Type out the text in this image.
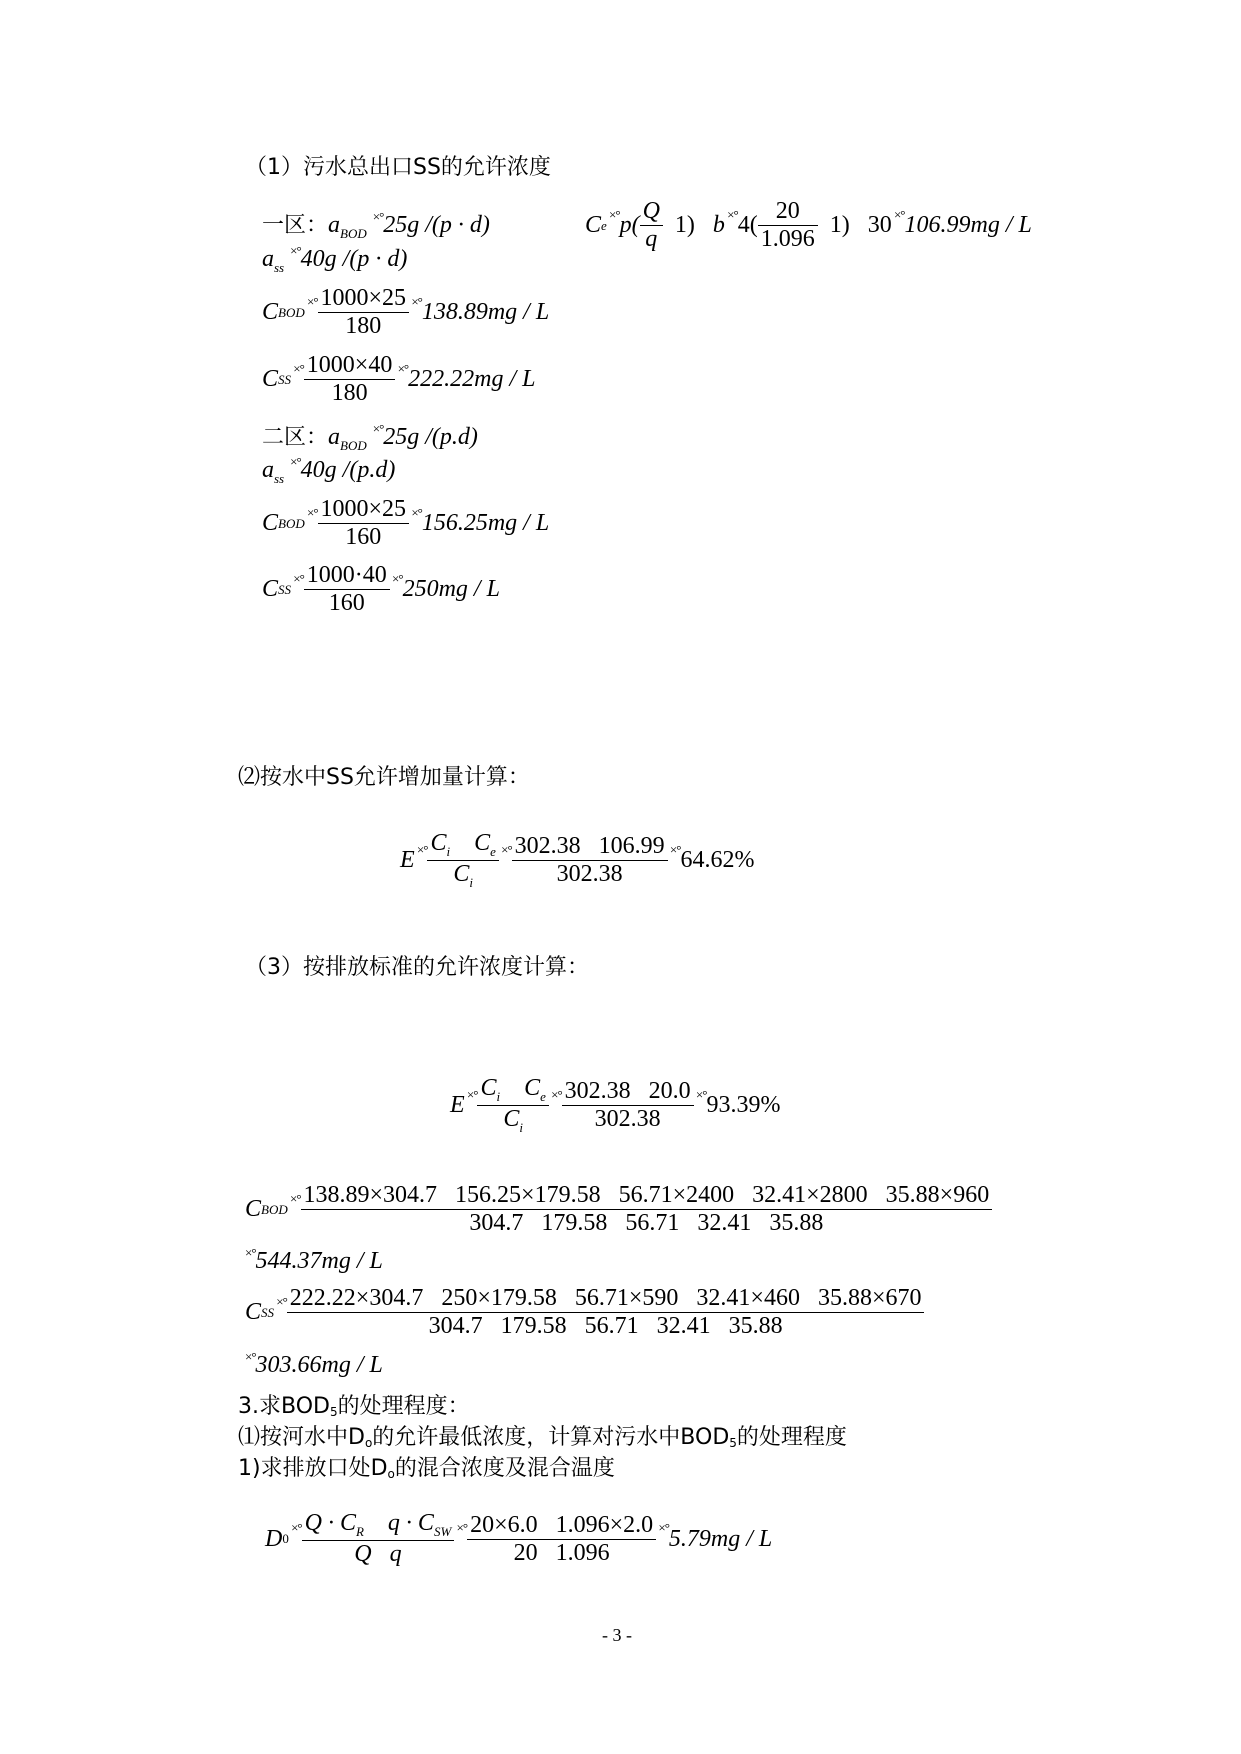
（1）污水总出口SS的允许浓度
一区：$a_{BOD}$ ×°25g /(p · d)
$a_{ss}$ ×°40g /(p · d)
C e
×° $p( \frac{Q}{q}$
1)
b ×° $4( \frac{20}{1.096}$
1)   30 ×° 106.99mg / L
C BOD
×° $\frac{1000\times 25}{180}$ ×° 138.89mg / L
C SS
×° $\frac{1000\times 40}{180}$ ×° 222.22mg / L
二区：$a_{BOD}$ ×°25g /(p.d)
$a_{ss}$ ×°40g /(p.d)
C BOD
×° $\frac{1000\times 25}{160}$ ×° 156.25mg / L
C SS
×° $\frac{1000\cdot 40}{160}$ ×° 250mg / L
⑵按水中SS允许增加量计算：
E ×° $\frac{C_i C_e}{C_i}$ ×° $\frac{302.38 106.99}{302.38}$ ×° 64.62%
（3）按排放标准的允许浓度计算：
E ×° $\frac{C_i C_e}{C_i}$ ×° $\frac{302.38 20.0}{302.38}$ ×° 93.39%
C BOD
×° 138.89×304.7   156.25×179.58   56.71×2400   32.41×2800   35.88×960
304.7   179.58   56.71   32.41   35.88
×°544.37mg / L
C SS
×° 222.22×304.7   250×179.58   56.71×590   32.41×460   35.88×670
304.7   179.58   56.71   32.41   35.88
×°303.66mg / L
3.求BOD5的处理程度：
⑴按河水中Do的允许最低浓度，计算对污水中BOD5的处理程度
1)求排放口处Do的混合浓度及混合温度
D 0
×° $\frac{Q \cdot C_R q \cdot C_{SW}}{\text{Q   q}}$ ×° $\frac{20\times 6.0 1.096\times 2.0}{20 1.096}$ ×° 5.79mg / L
- 3 -
